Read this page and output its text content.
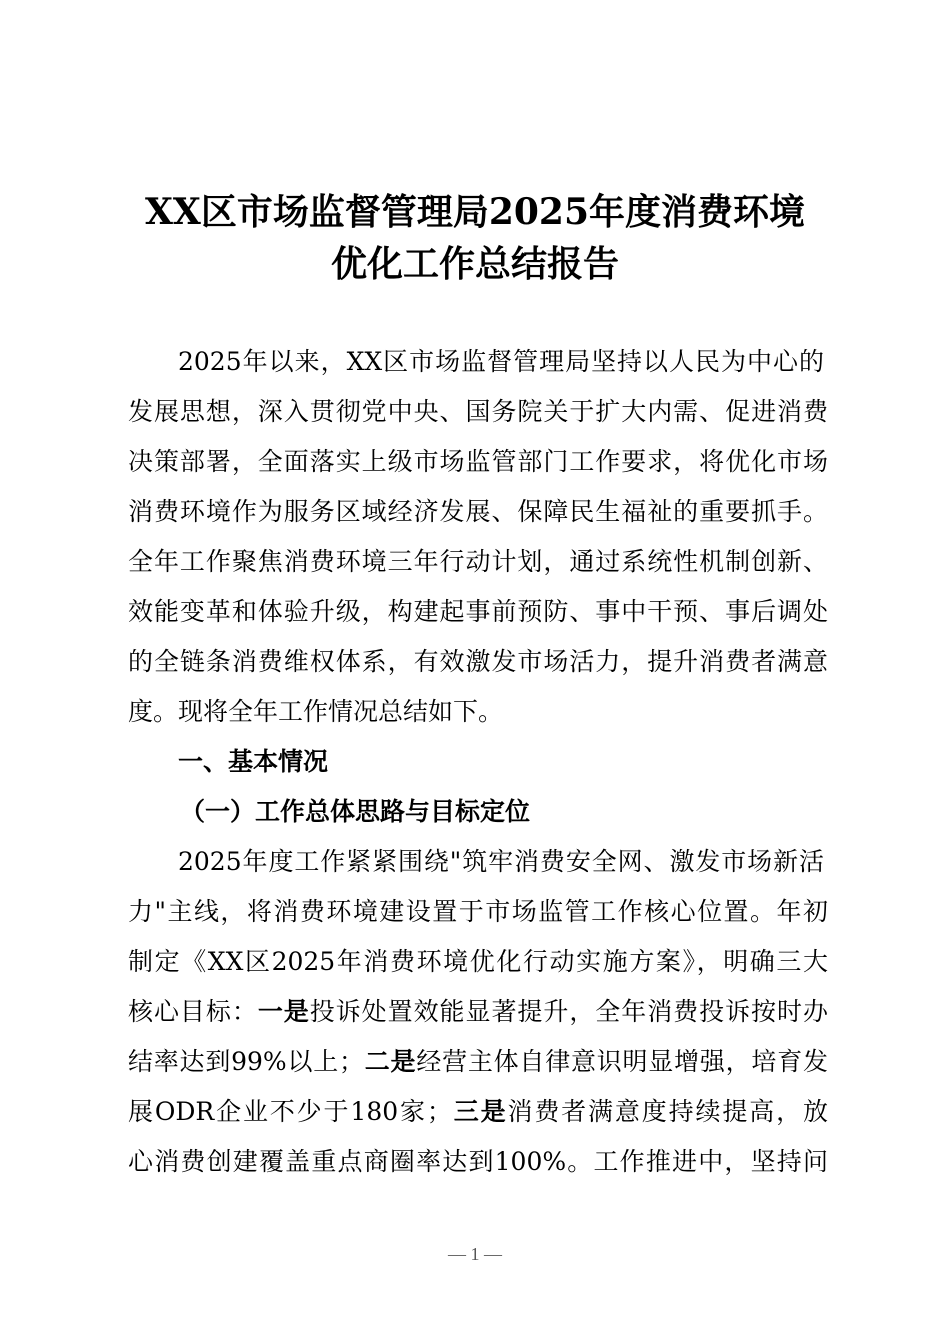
XX区市场监督管理局2025年度消费环境
优化工作总结报告
2025年以来，XX区市场监督管理局坚持以人民为中心的
发展思想，深入贯彻党中央、国务院关于扩大内需、促进消费
决策部署，全面落实上级市场监管部门工作要求，将优化市场
消费环境作为服务区域经济发展、保障民生福祉的重要抓手。
全年工作聚焦消费环境三年行动计划，通过系统性机制创新、
效能变革和体验升级，构建起事前预防、事中干预、事后调处
的全链条消费维权体系，有效激发市场活力，提升消费者满意
度。现将全年工作情况总结如下。
一、基本情况
（一）工作总体思路与目标定位
2025年度工作紧紧围绕"筑牢消费安全网、激发市场新活
力"主线，将消费环境建设置于市场监管工作核心位置。年初
制定《XX区2025年消费环境优化行动实施方案》，明确三大
核心目标：一是投诉处置效能显著提升，全年消费投诉按时办
结率达到99%以上；二是经营主体自律意识明显增强，培育发
展ODR企业不少于180家；三是消费者满意度持续提高，放
心消费创建覆盖重点商圈率达到100%。工作推进中，坚持问
— 1 —
